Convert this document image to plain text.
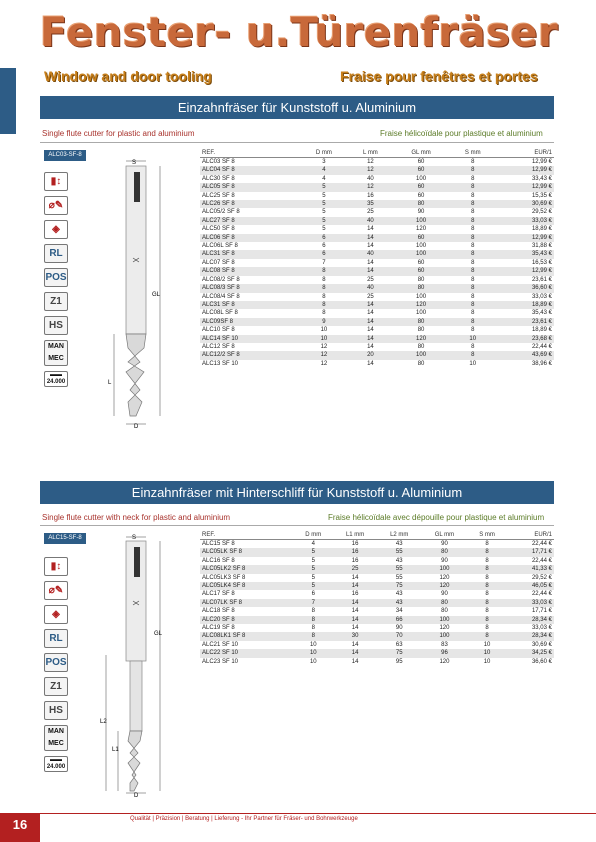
Fenster- u.Türenfräser
Window and door tooling	Fraise pour fenêtres et portes
Einzahnfräser für Kunststoff u. Aluminium
Single flute cutter for plastic and aluminium	Fraise hélicoïdale pour plastique et aluminium
ALC03-SF-8
▮↕
⌀✎
◈
RL
POS
Z1
HS
MAN
MEC
▬▬
24.000
S
GL
L
D
REF.	D mm	L mm	GL mm	S mm	EUR/1
ALC03 SF 8	3	12	60	8	12,99 €
ALC04 SF 8	4	12	60	8	12,99 €
ALC30 SF 8	4	40	100	8	33,43 €
ALC05 SF 8	5	12	60	8	12,99 €
ALC25 SF 8	5	16	60	8	15,35 €
ALC26 SF 8	5	35	80	8	30,69 €
ALC05/2 SF 8	5	25	90	8	29,52 €
ALC27 SF 8	5	40	100	8	33,03 €
ALC50 SF 8	5	14	120	8	18,89 €
ALC06 SF 8	6	14	60	8	12,99 €
ALC06L SF 8	6	14	100	8	31,88 €
ALC31 SF 8	6	40	100	8	35,43 €
ALC07 SF 8	7	14	60	8	16,53 €
ALC08 SF 8	8	14	60	8	12,99 €
ALC08/2 SF 8	8	25	80	8	23,61 €
ALC08/3 SF 8	8	40	80	8	36,60 €
ALC08/4 SF 8	8	25	100	8	33,03 €
ALC31 SF 8	8	14	120	8	18,89 €
ALC08L SF 8	8	14	100	8	35,43 €
ALC09SF 8	9	14	80	8	23,61 €
ALC10 SF 8	10	14	80	8	18,89 €
ALC14 SF 10	10	14	120	10	23,68 €
ALC12 SF 8	12	14	80	8	22,44 €
ALC12/2 SF 8	12	20	100	8	43,69 €
ALC13 SF 10	12	14	80	10	38,96 €
Einzahnfräser mit Hinterschliff für Kunststoff u. Aluminium
Single flute cutter with neck for plastic and aluminium	Fraise hélicoïdale avec dépouille pour plastique et aluminium
ALC15-SF-8
▮↕
⌀✎
◈
RL
POS
Z1
HS
MAN
MEC
▬▬
24.000
S
GL
L2
L1
D
REF.	D mm	L1 mm	L2 mm	GL mm	S mm	EUR/1
ALC15 SF 8	4	16	43	90	8	22,44 €
ALC05LK SF 8	5	16	55	80	8	17,71 €
ALC16 SF 8	5	16	43	90	8	22,44 €
ALC05LK2 SF 8	5	25	55	100	8	41,33 €
ALC05LK3 SF 8	5	14	55	120	8	29,52 €
ALC05LK4 SF 8	5	14	75	120	8	46,05 €
ALC17 SF 8	6	16	43	90	8	22,44 €
ALC07LK SF 8	7	14	43	80	8	33,03 €
ALC18 SF 8	8	14	34	80	8	17,71 €
ALC20 SF 8	8	14	66	100	8	28,34 €
ALC19 SF 8	8	14	90	120	8	33,03 €
ALC08LK1 SF 8	8	30	70	100	8	28,34 €
ALC21 SF 10	10	14	63	83	10	30,69 €
ALC22 SF 10	10	14	75	96	10	34,25 €
ALC23 SF 10	10	14	95	120	10	36,60 €
16	Qualität | Präzision | Beratung | Lieferung - Ihr Partner für Fräser- und Bohrwerkzeuge
